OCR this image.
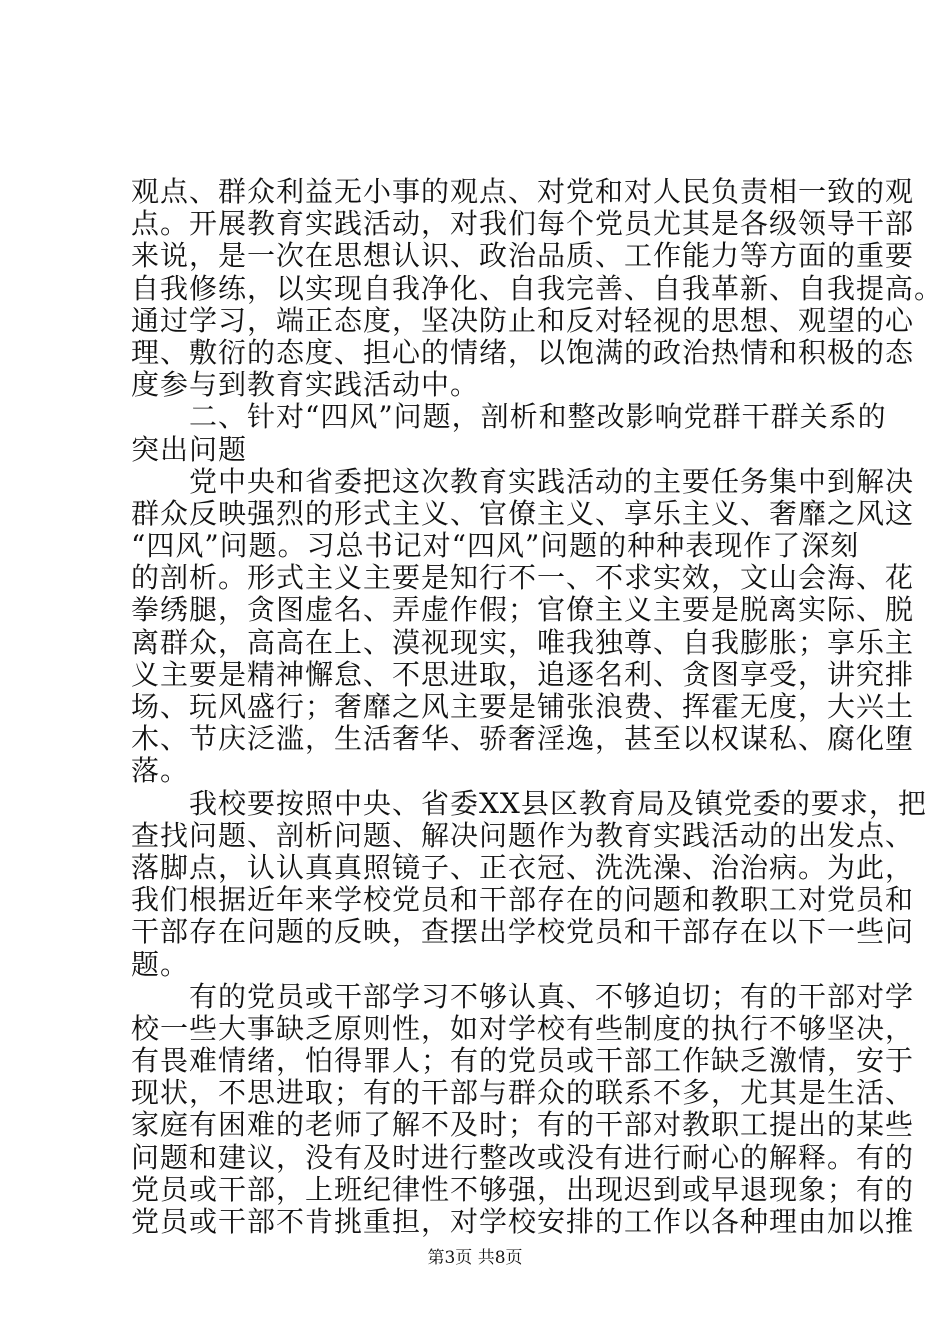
观点、群众利益无小事的观点、对党和对人民负责相一致的观
点。开展教育实践活动，对我们每个党员尤其是各级领导干部
来说，是一次在思想认识、政治品质、工作能力等方面的重要
自我修练，以实现自我净化、自我完善、自我革新、自我提高。
通过学习，端正态度，坚决防止和反对轻视的思想、观望的心
理、敷衍的态度、担心的情绪，以饱满的政治热情和积极的态
度参与到教育实践活动中。
　　二、针对“四风”问题，剖析和整改影响党群干群关系的
突出问题
　　党中央和省委把这次教育实践活动的主要任务集中到解决
群众反映强烈的形式主义、官僚主义、享乐主义、奢靡之风这
“四风”问题。习总书记对“四风”问题的种种表现作了深刻
的剖析。形式主义主要是知行不一、不求实效，文山会海、花
拳绣腿，贪图虚名、弄虚作假；官僚主义主要是脱离实际、脱
离群众，高高在上、漠视现实，唯我独尊、自我膨胀；享乐主
义主要是精神懈怠、不思进取，追逐名利、贪图享受，讲究排
场、玩风盛行；奢靡之风主要是铺张浪费、挥霍无度，大兴土
木、节庆泛滥，生活奢华、骄奢淫逸，甚至以权谋私、腐化堕
落。
　　我校要按照中央、省委XX县区教育局及镇党委的要求，把
查找问题、剖析问题、解决问题作为教育实践活动的出发点、
落脚点，认认真真照镜子、正衣冠、洗洗澡、治治病。为此，
我们根据近年来学校党员和干部存在的问题和教职工对党员和
干部存在问题的反映，查摆出学校党员和干部存在以下一些问
题。
　　有的党员或干部学习不够认真、不够迫切；有的干部对学
校一些大事缺乏原则性，如对学校有些制度的执行不够坚决，
有畏难情绪，怕得罪人；有的党员或干部工作缺乏激情，安于
现状，不思进取；有的干部与群众的联系不多，尤其是生活、
家庭有困难的老师了解不及时；有的干部对教职工提出的某些
问题和建议，没有及时进行整改或没有进行耐心的解释。有的
党员或干部，上班纪律性不够强，出现迟到或早退现象；有的
党员或干部不肯挑重担，对学校安排的工作以各种理由加以推
第3页 共8页
